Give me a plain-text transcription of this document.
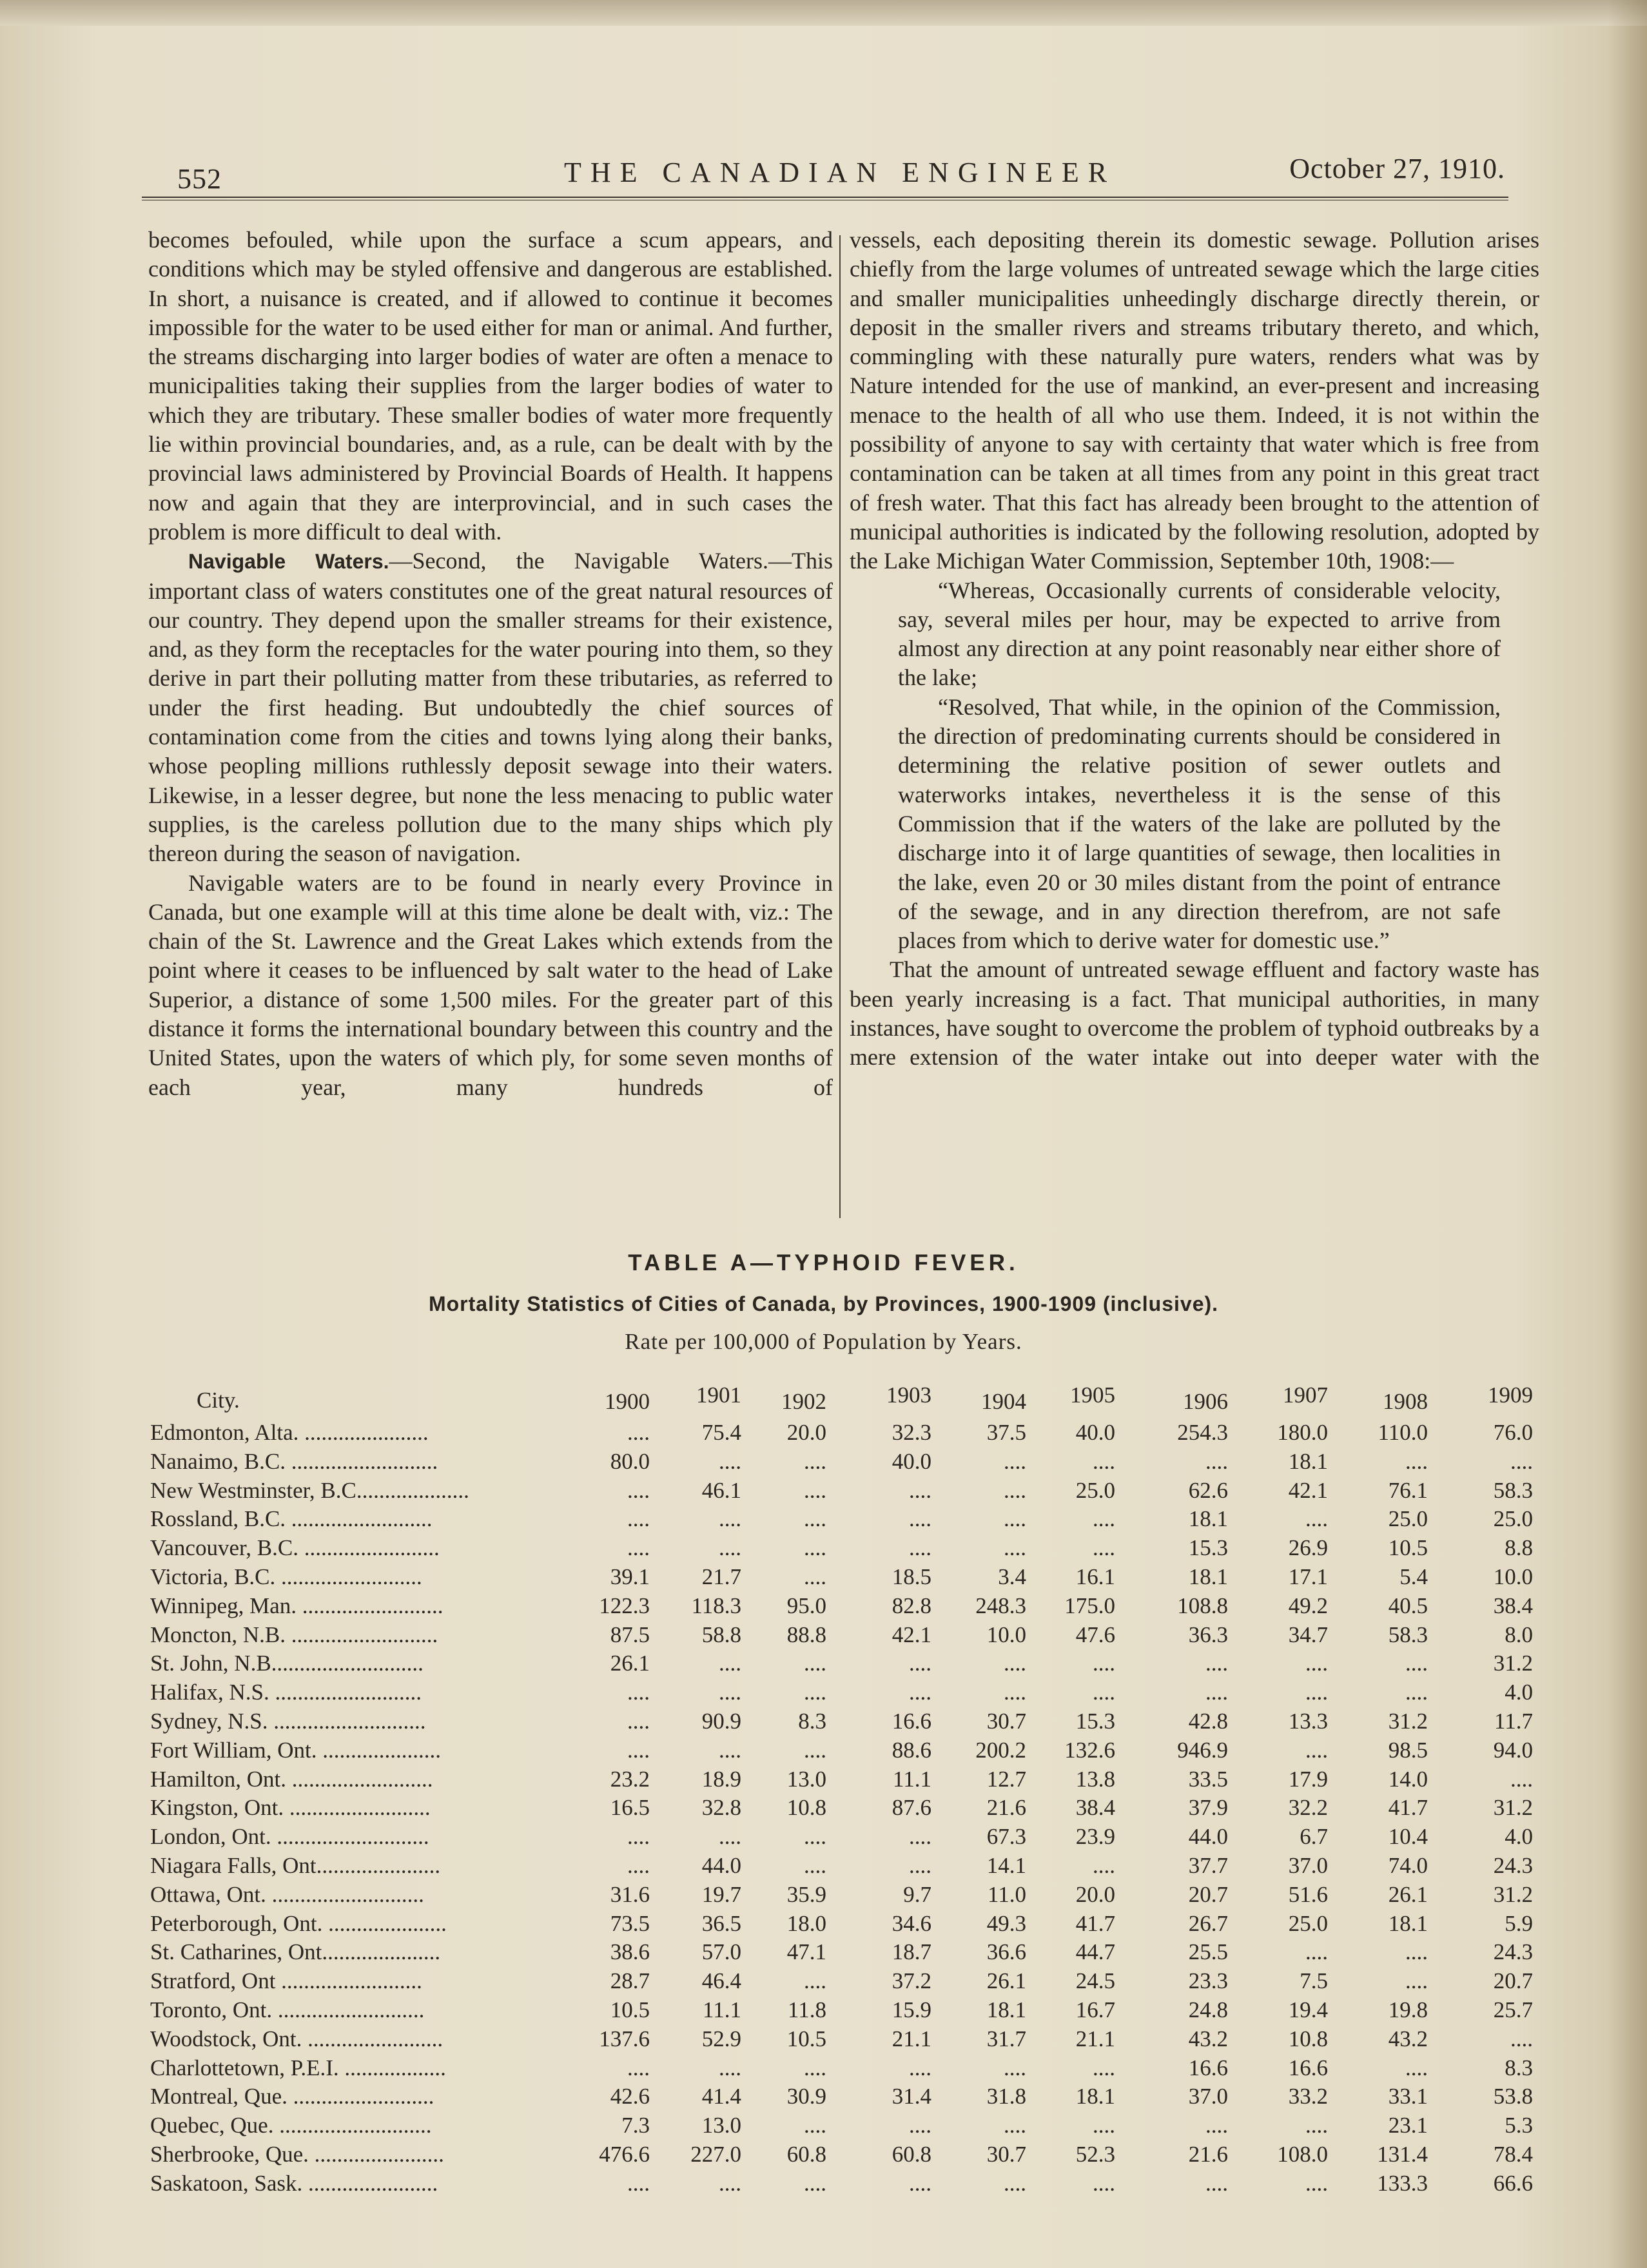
552	THE CANADIAN ENGINEER	October 27, 1910.

becomes befouled, while upon the surface a scum appears, and conditions which may be styled offensive and dangerous are established. In short, a nuisance is created, and if allowed to continue it becomes impossible for the water to be used either for man or animal. And further, the streams discharging into larger bodies of water are often a menace to municipalities taking their supplies from the larger bodies of water to which they are tributary. These smaller bodies of water more frequently lie within provincial boundaries, and, as a rule, can be dealt with by the provincial laws administered by Provincial Boards of Health. It happens now and again that they are interprovincial, and in such cases the problem is more difficult to deal with.

Navigable Waters.—Second, the Navigable Waters.—This important class of waters constitutes one of the great natural resources of our country. They depend upon the smaller streams for their existence, and, as they form the receptacles for the water pouring into them, so they derive in part their polluting matter from these tributaries, as referred to under the first heading. But undoubtedly the chief sources of contamination come from the cities and towns lying along their banks, whose peopling millions ruthlessly deposit sewage into their waters. Likewise, in a lesser degree, but none the less menacing to public water supplies, is the careless pollution due to the many ships which ply thereon during the season of navigation.

Navigable waters are to be found in nearly every Province in Canada, but one example will at this time alone be dealt with, viz.: The chain of the St. Lawrence and the Great Lakes which extends from the point where it ceases to be influenced by salt water to the head of Lake Superior, a distance of some 1,500 miles. For the greater part of this distance it forms the international boundary between this country and the United States, upon the waters of which ply, for some seven months of each year, many hundreds of

vessels, each depositing therein its domestic sewage. Pollution arises chiefly from the large volumes of untreated sewage which the large cities and smaller municipalities unheedingly discharge directly therein, or deposit in the smaller rivers and streams tributary thereto, and which, commingling with these naturally pure waters, renders what was by Nature intended for the use of mankind, an ever-present and increasing menace to the health of all who use them. Indeed, it is not within the possibility of anyone to say with certainty that water which is free from contamination can be taken at all times from any point in this great tract of fresh water. That this fact has already been brought to the attention of municipal authorities is indicated by the following resolution, adopted by the Lake Michigan Water Commission, September 10th, 1908:—

“Whereas, Occasionally currents of considerable velocity, say, several miles per hour, may be expected to arrive from almost any direction at any point reasonably near either shore of the lake;

“Resolved, That while, in the opinion of the Commission, the direction of predominating currents should be considered in determining the relative position of sewer outlets and waterworks intakes, nevertheless it is the sense of this Commission that if the waters of the lake are polluted by the discharge into it of large quantities of sewage, then localities in the lake, even 20 or 30 miles distant from the point of entrance of the sewage, and in any direction therefrom, are not safe places from which to derive water for domestic use.”

That the amount of untreated sewage effluent and factory waste has been yearly increasing is a fact. That municipal authorities, in many instances, have sought to overcome the problem of typhoid outbreaks by a mere extension of the water intake out into deeper water with the

TABLE A—TYPHOID FEVER.
Mortality Statistics of Cities of Canada, by Provinces, 1900-1909 (inclusive).
Rate per 100,000 of Population by Years.
City.	1900	1901	1902	1903	1904	1905	1906	1907	1908	1909
Edmonton, Alta. ......................	....	75.4	20.0	32.3	37.5	40.0	254.3	180.0	110.0	76.0
Nanaimo, B.C. ..........................	80.0	....	....	40.0	....	....	....	18.1	....	....
New Westminster, B.C....................	....	46.1	....	....	....	25.0	62.6	42.1	76.1	58.3
Rossland, B.C. .........................	....	....	....	....	....	....	18.1	....	25.0	25.0
Vancouver, B.C. ........................	....	....	....	....	....	....	15.3	26.9	10.5	8.8
Victoria, B.C. .........................	39.1	21.7	....	18.5	3.4	16.1	18.1	17.1	5.4	10.0
Winnipeg, Man. .........................	122.3	118.3	95.0	82.8	248.3	175.0	108.8	49.2	40.5	38.4
Moncton, N.B. ..........................	87.5	58.8	88.8	42.1	10.0	47.6	36.3	34.7	58.3	8.0
St. John, N.B...........................	26.1	....	....	....	....	....	....	....	....	31.2
Halifax, N.S. ..........................	....	....	....	....	....	....	....	....	....	4.0
Sydney, N.S. ...........................	....	90.9	8.3	16.6	30.7	15.3	42.8	13.3	31.2	11.7
Fort William, Ont. .....................	....	....	....	88.6	200.2	132.6	946.9	....	98.5	94.0
Hamilton, Ont. .........................	23.2	18.9	13.0	11.1	12.7	13.8	33.5	17.9	14.0	....
Kingston, Ont. .........................	16.5	32.8	10.8	87.6	21.6	38.4	37.9	32.2	41.7	31.2
London, Ont. ...........................	....	....	....	....	67.3	23.9	44.0	6.7	10.4	4.0
Niagara Falls, Ont......................	....	44.0	....	....	14.1	....	37.7	37.0	74.0	24.3
Ottawa, Ont. ...........................	31.6	19.7	35.9	9.7	11.0	20.0	20.7	51.6	26.1	31.2
Peterborough, Ont. .....................	73.5	36.5	18.0	34.6	49.3	41.7	26.7	25.0	18.1	5.9
St. Catharines, Ont.....................	38.6	57.0	47.1	18.7	36.6	44.7	25.5	....	....	24.3
Stratford, Ont .........................	28.7	46.4	....	37.2	26.1	24.5	23.3	7.5	....	20.7
Toronto, Ont. ..........................	10.5	11.1	11.8	15.9	18.1	16.7	24.8	19.4	19.8	25.7
Woodstock, Ont. ........................	137.6	52.9	10.5	21.1	31.7	21.1	43.2	10.8	43.2	....
Charlottetown, P.E.I. ..................	....	....	....	....	....	....	16.6	16.6	....	8.3
Montreal, Que. .........................	42.6	41.4	30.9	31.4	31.8	18.1	37.0	33.2	33.1	53.8
Quebec, Que. ...........................	7.3	13.0	....	....	....	....	....	....	23.1	5.3
Sherbrooke, Que. .......................	476.6	227.0	60.8	60.8	30.7	52.3	21.6	108.0	131.4	78.4
Saskatoon, Sask. .......................	....	....	....	....	....	....	....	....	133.3	66.6
